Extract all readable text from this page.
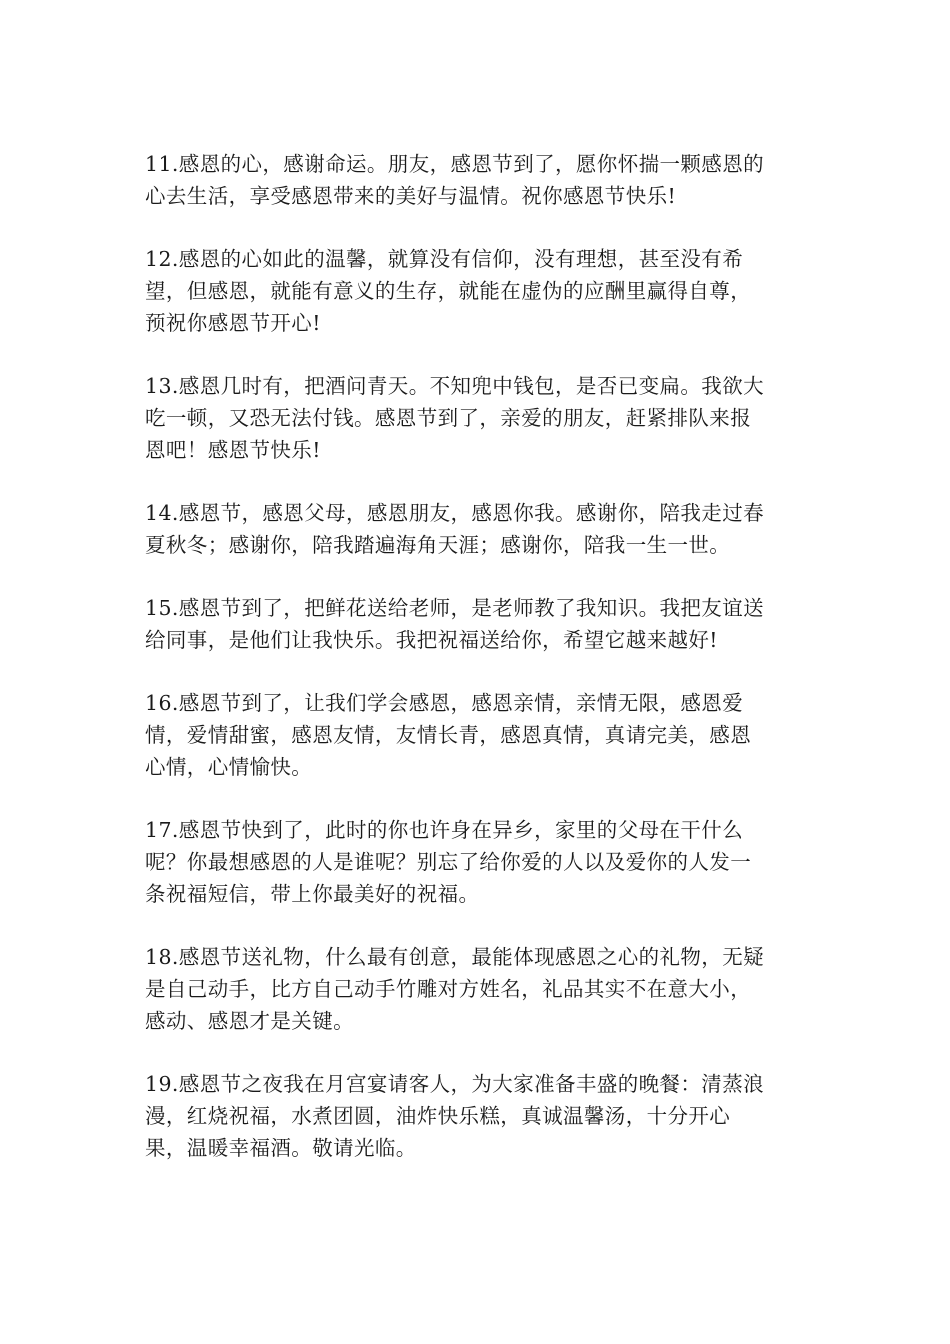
11.感恩的心，感谢命运。朋友，感恩节到了，愿你怀揣一颗感恩的
心去生活，享受感恩带来的美好与温情。祝你感恩节快乐!

12.感恩的心如此的温馨，就算没有信仰，没有理想，甚至没有希
望，但感恩，就能有意义的生存，就能在虚伪的应酬里赢得自尊，
预祝你感恩节开心!

13.感恩几时有，把酒问青天。不知兜中钱包，是否已变扁。我欲大
吃一顿，又恐无法付钱。感恩节到了，亲爱的朋友，赶紧排队来报
恩吧！感恩节快乐!

14.感恩节，感恩父母，感恩朋友，感恩你我。感谢你，陪我走过春
夏秋冬；感谢你，陪我踏遍海角天涯；感谢你，陪我一生一世。

15.感恩节到了，把鲜花送给老师，是老师教了我知识。我把友谊送
给同事，是他们让我快乐。我把祝福送给你，希望它越来越好!

16.感恩节到了，让我们学会感恩，感恩亲情，亲情无限，感恩爱
情，爱情甜蜜，感恩友情，友情长青，感恩真情，真请完美，感恩
心情，心情愉快。

17.感恩节快到了，此时的你也许身在异乡，家里的父母在干什么
呢？你最想感恩的人是谁呢？别忘了给你爱的人以及爱你的人发一
条祝福短信，带上你最美好的祝福。

18.感恩节送礼物，什么最有创意，最能体现感恩之心的礼物，无疑
是自己动手，比方自己动手竹雕对方姓名，礼品其实不在意大小，
感动、感恩才是关键。

19.感恩节之夜我在月宫宴请客人，为大家准备丰盛的晚餐：清蒸浪
漫，红烧祝福，水煮团圆，油炸快乐糕，真诚温馨汤，十分开心
果，温暖幸福酒。敬请光临。
